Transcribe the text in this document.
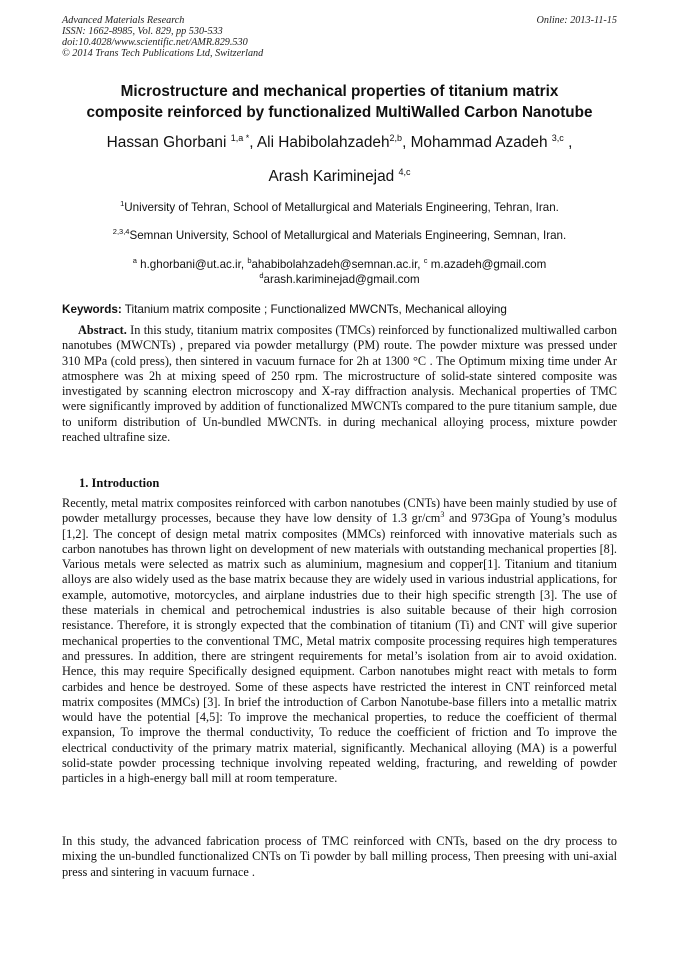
Advanced Materials Research
ISSN: 1662-8985, Vol. 829, pp 530-533
doi:10.4028/www.scientific.net/AMR.829.530
© 2014 Trans Tech Publications Ltd, Switzerland
Online: 2013-11-15
Microstructure and mechanical properties of titanium matrix
composite reinforced by functionalized MultiWalled Carbon Nanotube
Hassan Ghorbani $^{1,a *}$, Ali Habibolahzadeh$^{2,b}$, Mohammad Azadeh $^{3,c}$ ,
Arash Kariminejad $^{4,c}$
$^1$University of Tehran, School of Metallurgical and Materials Engineering, Tehran, Iran.
$^{2,3,4}$Semnan University, School of Metallurgical and Materials Engineering, Semnan, Iran.
$^a$ h.ghorbani@ut.ac.ir, $^b$ahabibolahzadeh@semnan.ac.ir, $^c$ m.azadeh@gmail.com
$^d$arash.kariminejad@gmail.com
Keywords: Titanium matrix composite ; Functionalized MWCNTs, Mechanical alloying
Abstract. In this study, titanium matrix composites (TMCs) reinforced by functionalized multiwalled carbon nanotubes (MWCNTs) , prepared via powder metallurgy (PM) route. The powder mixture was pressed under 310 MPa (cold press), then sintered in vacuum furnace for 2h at 1300 °C . The Optimum mixing time under Ar atmosphere was 2h at mixing speed of 250 rpm. The microstructure of solid-state sintered composite was investigated by scanning electron microscopy and X-ray diffraction analysis. Mechanical properties of TMC were significantly improved by addition of functionalized MWCNTs compared to the pure titanium sample, due to uniform distribution of Un-bundled MWCNTs. in during mechanical alloying process, mixture powder reached ultrafine size.
1. Introduction
Recently, metal matrix composites reinforced with carbon nanotubes (CNTs) have been mainly studied by use of powder metallurgy processes, because they have low density of 1.3 $gr/cm^3$ and 973Gpa of Young’s modulus [1,2]. The concept of design metal matrix composites (MMCs) reinforced with innovative materials such as carbon nanotubes has thrown light on development of new materials with outstanding mechanical properties [8]. Various metals were selected as matrix such as aluminium, magnesium and copper[1]. Titanium and titanium alloys are also widely used as the base matrix because they are widely used in various industrial applications, for example, automotive, motorcycles, and airplane industries due to their high specific strength [3]. The use of these materials in chemical and petrochemical industries is also suitable because of their high corrosion resistance. Therefore, it is strongly expected that the combination of titanium (Ti) and CNT will give superior mechanical properties to the conventional TMC, Metal matrix composite processing requires high temperatures and pressures. In addition, there are stringent requirements for metal’s isolation from air to avoid oxidation. Hence, this may require Specifically designed equipment. Carbon nanotubes might react with metals to form carbides and hence be destroyed. Some of these aspects have restricted the interest in CNT reinforced metal matrix composites (MMCs) [3]. In brief the introduction of Carbon Nanotube-base fillers into a metallic matrix would have the potential [4,5]: To improve the mechanical properties, to reduce the coefficient of thermal expansion, To improve the thermal conductivity, To reduce the coefficient of friction and To improve the electrical conductivity of the primary matrix material, significantly. Mechanical alloying (MA) is a powerful solid-state powder processing technique involving repeated welding, fracturing, and rewelding of powder particles in a high-energy ball mill at room temperature.
In this study, the advanced fabrication process of TMC reinforced with CNTs, based on the dry process to mixing the un-bundled functionalized CNTs on Ti powder by ball milling process, Then preesing with uni-axial press and sintering in vacuum furnace .
